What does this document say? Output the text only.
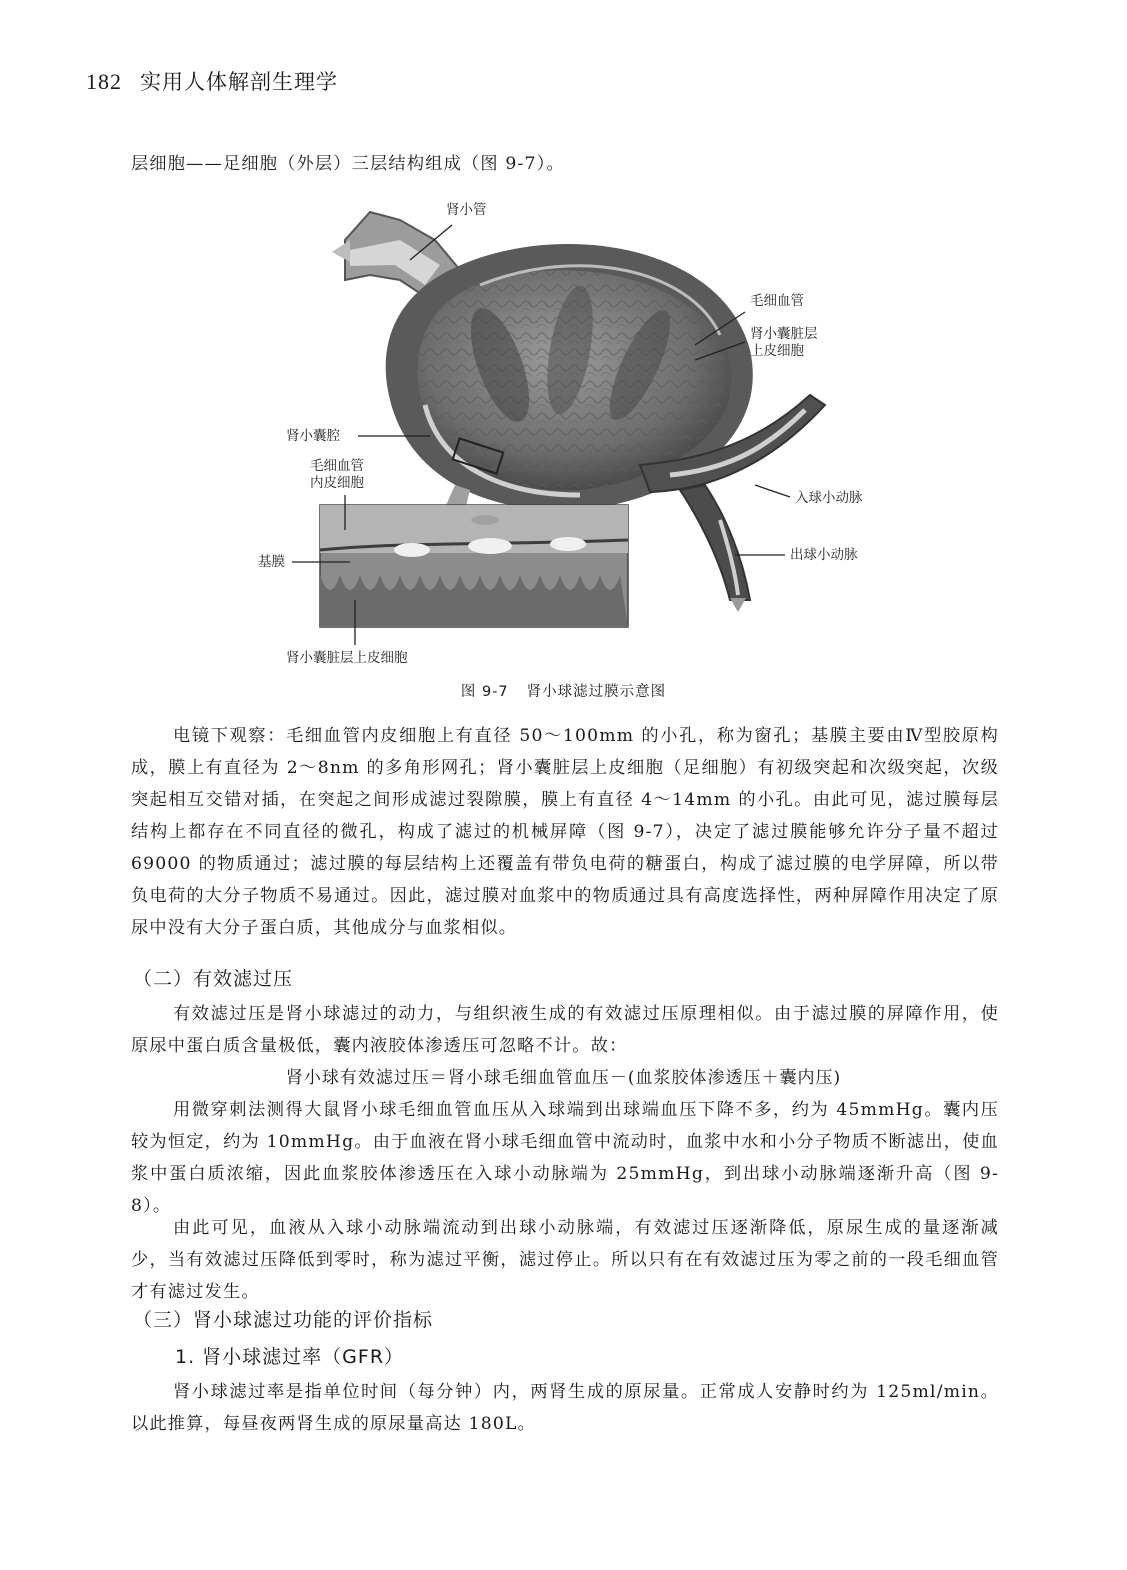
182 实用人体解剖生理学
层细胞——足细胞（外层）三层结构组成（图 9-7）。
肾小管
毛细血管
肾小囊脏层
上皮细胞
肾小囊腔
毛细血管
内皮细胞
基膜
入球小动脉
出球小动脉
肾小囊脏层上皮细胞
图 9-7 肾小球滤过膜示意图
电镜下观察：毛细血管内皮细胞上有直径 50～100mm 的小孔，称为窗孔；基膜主要由Ⅳ型胶原构成，膜上有直径为 2～8nm 的多角形网孔；肾小囊脏层上皮细胞（足细胞）有初级突起和次级突起，次级突起相互交错对插，在突起之间形成滤过裂隙膜，膜上有直径 4～14mm 的小孔。由此可见，滤过膜每层结构上都存在不同直径的微孔，构成了滤过的机械屏障（图 9-7），决定了滤过膜能够允许分子量不超过 69000 的物质通过；滤过膜的每层结构上还覆盖有带负电荷的糖蛋白，构成了滤过膜的电学屏障，所以带负电荷的大分子物质不易通过。因此，滤过膜对血浆中的物质通过具有高度选择性，两种屏障作用决定了原尿中没有大分子蛋白质，其他成分与血浆相似。
（二）有效滤过压
有效滤过压是肾小球滤过的动力，与组织液生成的有效滤过压原理相似。由于滤过膜的屏障作用，使原尿中蛋白质含量极低，囊内液胶体渗透压可忽略不计。故：
肾小球有效滤过压＝肾小球毛细血管血压－(血浆胶体渗透压＋囊内压)
用微穿刺法测得大鼠肾小球毛细血管血压从入球端到出球端血压下降不多，约为 45mmHg。囊内压较为恒定，约为 10mmHg。由于血液在肾小球毛细血管中流动时，血浆中水和小分子物质不断滤出，使血浆中蛋白质浓缩，因此血浆胶体渗透压在入球小动脉端为 25mmHg，到出球小动脉端逐渐升高（图 9-8）。
由此可见，血液从入球小动脉端流动到出球小动脉端，有效滤过压逐渐降低，原尿生成的量逐渐减少，当有效滤过压降低到零时，称为滤过平衡，滤过停止。所以只有在有效滤过压为零之前的一段毛细血管才有滤过发生。
（三）肾小球滤过功能的评价指标
1. 肾小球滤过率（GFR）
肾小球滤过率是指单位时间（每分钟）内，两肾生成的原尿量。正常成人安静时约为 125ml/min。以此推算，每昼夜两肾生成的原尿量高达 180L。
